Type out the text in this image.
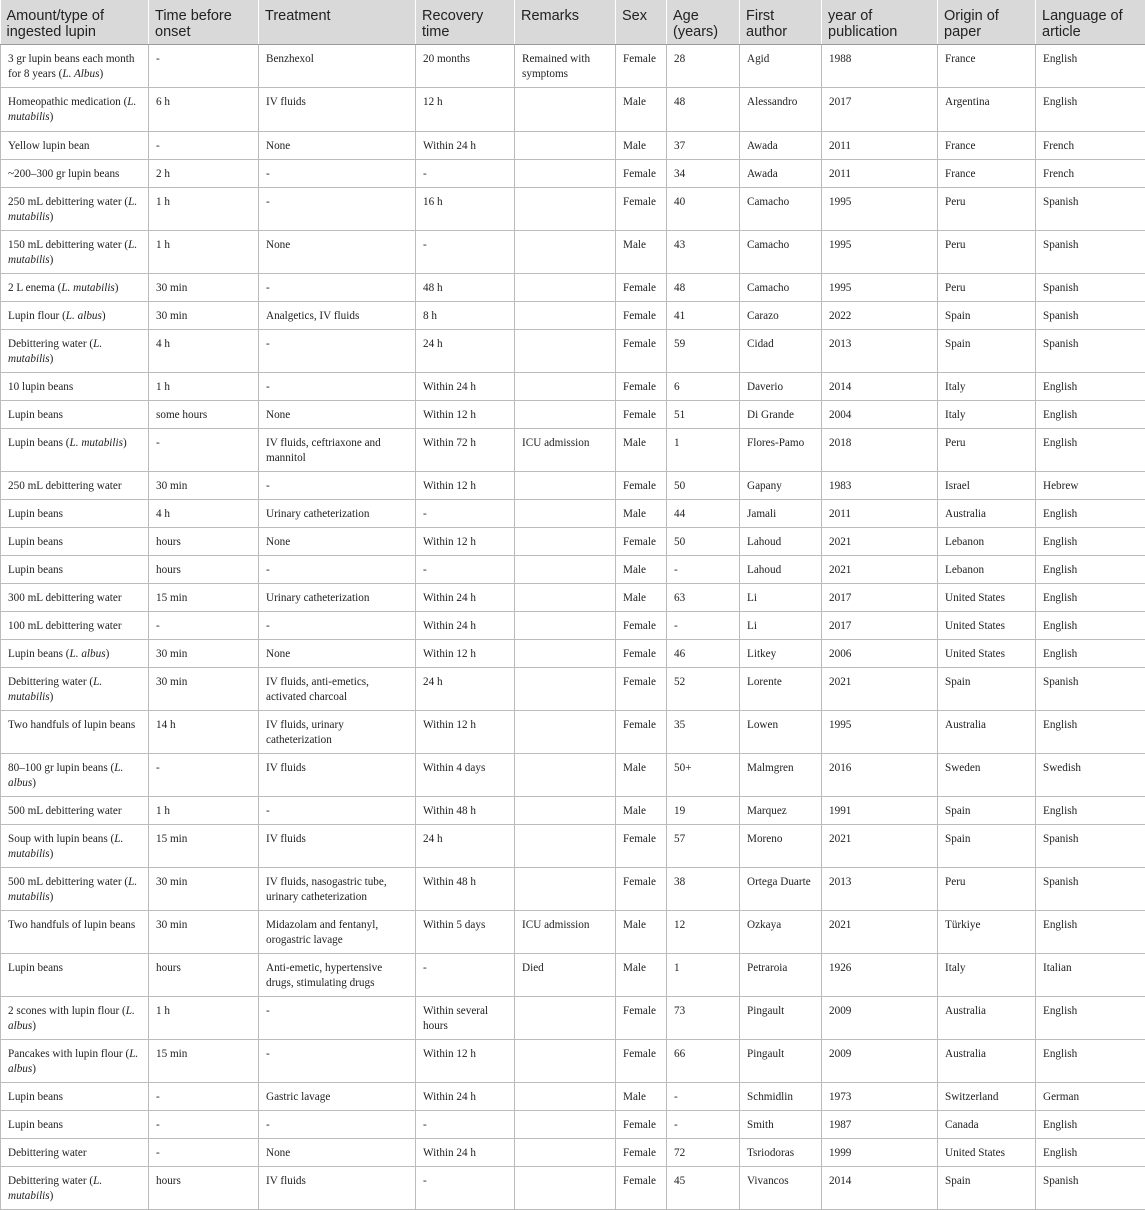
Amount/type of ingested lupin	Time before onset	Treatment	Recovery time	Remarks	Sex	Age (years)	First author	year of publication	Origin of paper	Language of article
3 gr lupin beans each month for 8 years (L. Albus)	-	Benzhexol	20 months	Remained with symptoms	Female	28	Agid	1988	France	English
Homeopathic medication (L. mutabilis)	6 h	IV fluids	12 h		Male	48	Alessandro	2017	Argentina	English
Yellow lupin bean	-	None	Within 24 h		Male	37	Awada	2011	France	French
~200–300 gr lupin beans	2 h	-	-		Female	34	Awada	2011	France	French
250 mL debittering water (L. mutabilis)	1 h	-	16 h		Female	40	Camacho	1995	Peru	Spanish
150 mL debittering water (L. mutabilis)	1 h	None	-		Male	43	Camacho	1995	Peru	Spanish
2 L enema (L. mutabilis)	30 min	-	48 h		Female	48	Camacho	1995	Peru	Spanish
Lupin flour (L. albus)	30 min	Analgetics, IV fluids	8 h		Female	41	Carazo	2022	Spain	Spanish
Debittering water (L. mutabilis)	4 h	-	24 h		Female	59	Cidad	2013	Spain	Spanish
10 lupin beans	1 h	-	Within 24 h		Female	6	Daverio	2014	Italy	English
Lupin beans	some hours	None	Within 12 h		Female	51	Di Grande	2004	Italy	English
Lupin beans (L. mutabilis)	-	IV fluids, ceftriaxone and mannitol	Within 72 h	ICU admission	Male	1	Flores-Pamo	2018	Peru	English
250 mL debittering water	30 min	-	Within 12 h		Female	50	Gapany	1983	Israel	Hebrew
Lupin beans	4 h	Urinary catheterization	-		Male	44	Jamali	2011	Australia	English
Lupin beans	hours	None	Within 12 h		Female	50	Lahoud	2021	Lebanon	English
Lupin beans	hours	-	-		Male	-	Lahoud	2021	Lebanon	English
300 mL debittering water	15 min	Urinary catheterization	Within 24 h		Male	63	Li	2017	United States	English
100 mL debittering water	-	-	Within 24 h		Female	-	Li	2017	United States	English
Lupin beans (L. albus)	30 min	None	Within 12 h		Female	46	Litkey	2006	United States	English
Debittering water (L. mutabilis)	30 min	IV fluids, anti-emetics, activated charcoal	24 h		Female	52	Lorente	2021	Spain	Spanish
Two handfuls of lupin beans	14 h	IV fluids, urinary catheterization	Within 12 h		Female	35	Lowen	1995	Australia	English
80–100 gr lupin beans (L. albus)	-	IV fluids	Within 4 days		Male	50+	Malmgren	2016	Sweden	Swedish
500 mL debittering water	1 h	-	Within 48 h		Male	19	Marquez	1991	Spain	English
Soup with lupin beans (L. mutabilis)	15 min	IV fluids	24 h		Female	57	Moreno	2021	Spain	Spanish
500 mL debittering water (L. mutabilis)	30 min	IV fluids, nasogastric tube, urinary catheterization	Within 48 h		Female	38	Ortega Duarte	2013	Peru	Spanish
Two handfuls of lupin beans	30 min	Midazolam and fentanyl, orogastric lavage	Within 5 days	ICU admission	Male	12	Ozkaya	2021	Türkiye	English
Lupin beans	hours	Anti-emetic, hypertensive drugs, stimulating drugs	-	Died	Male	1	Petraroia	1926	Italy	Italian
2 scones with lupin flour (L. albus)	1 h	-	Within several hours		Female	73	Pingault	2009	Australia	English
Pancakes with lupin flour (L. albus)	15 min	-	Within 12 h		Female	66	Pingault	2009	Australia	English
Lupin beans	-	Gastric lavage	Within 24 h		Male	-	Schmidlin	1973	Switzerland	German
Lupin beans	-	-	-		Female	-	Smith	1987	Canada	English
Debittering water	-	None	Within 24 h		Female	72	Tsriodoras	1999	United States	English
Debittering water (L. mutabilis)	hours	IV fluids	-		Female	45	Vivancos	2014	Spain	Spanish
